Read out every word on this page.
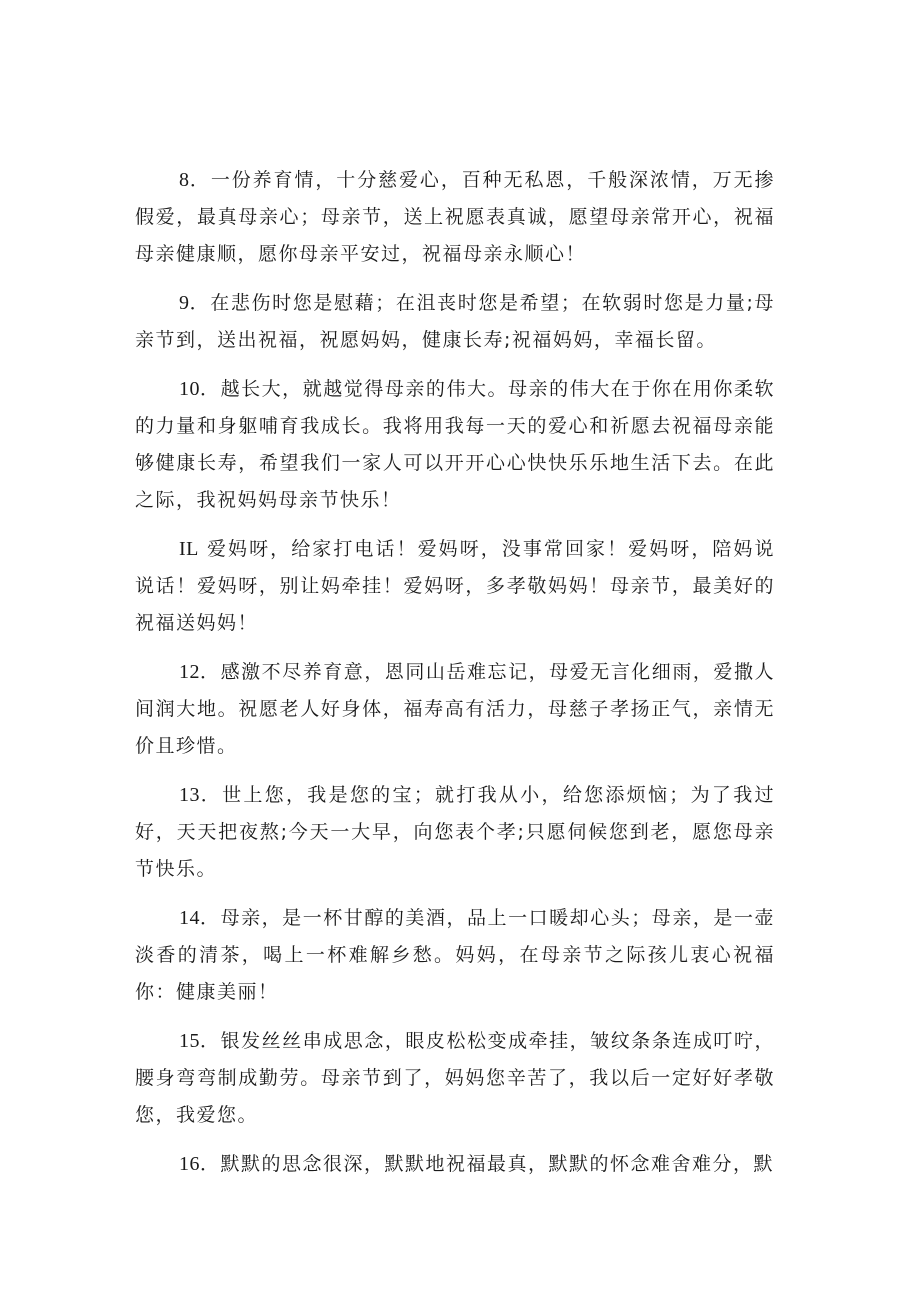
8．一份养育情，十分慈爱心，百种无私恩，千般深浓情，万无掺假爱，最真母亲心；母亲节，送上祝愿表真诚，愿望母亲常开心，祝福母亲健康顺，愿你母亲平安过，祝福母亲永顺心！

9．在悲伤时您是慰藉；在沮丧时您是希望；在软弱时您是力量;母亲节到，送出祝福，祝愿妈妈，健康长寿;祝福妈妈，幸福长留。

10．越长大，就越觉得母亲的伟大。母亲的伟大在于你在用你柔软的力量和身躯哺育我成长。我将用我每一天的爱心和祈愿去祝福母亲能够健康长寿，希望我们一家人可以开开心心快快乐乐地生活下去。在此之际，我祝妈妈母亲节快乐！

IL 爱妈呀，给家打电话！爱妈呀，没事常回家！爱妈呀，陪妈说说话！爱妈呀，别让妈牵挂！爱妈呀，多孝敬妈妈！母亲节，最美好的祝福送妈妈！

12．感激不尽养育意，恩同山岳难忘记，母爱无言化细雨，爱撒人间润大地。祝愿老人好身体，福寿高有活力，母慈子孝扬正气，亲情无价且珍惜。

13．世上您，我是您的宝；就打我从小，给您添烦恼；为了我过好，天天把夜熬;今天一大早，向您表个孝;只愿伺候您到老，愿您母亲节快乐。

14．母亲，是一杯甘醇的美酒，品上一口暖却心头；母亲，是一壶淡香的清茶，喝上一杯难解乡愁。妈妈，在母亲节之际孩儿衷心祝福你：健康美丽！

15．银发丝丝串成思念，眼皮松松变成牵挂，皱纹条条连成叮咛，腰身弯弯制成勤劳。母亲节到了，妈妈您辛苦了，我以后一定好好孝敬您，我爱您。

16．默默的思念很深，默默地祝福最真，默默的怀念难舍难分，默
